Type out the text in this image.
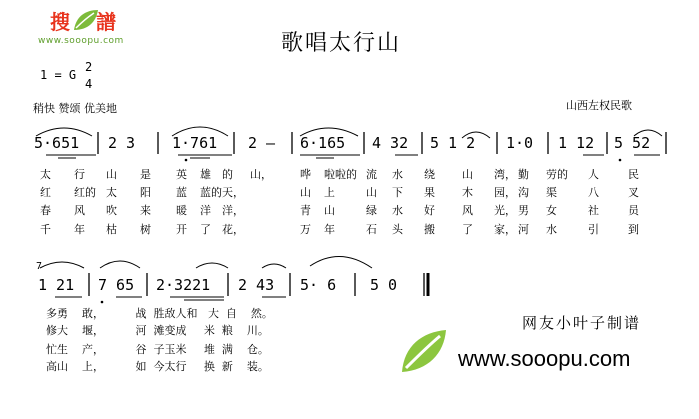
搜譜
www.sooopu.com	歌唱太行山
1 = G
2
4
稍快 赞颂 优美地	山西左权民歌
5·651 2 3 1·761 2 – 6·165 4 32 5 1 2 1·0 1 12 5 52
太 行 山 是 英 雄 的 山，	哗 啦啦的 流 水 绕 山 湾， 勤 劳的 人	民
红 红的 太 阳 蓝 蓝的 天，	山 上	山 下 果 木 园， 沟 渠	八	叉
春 风 吹 来 暖 洋 洋，	青 山	绿 水 好 风 光， 男 女	社	员
千 年 枯 树 开 了 花，	万 年	石 头 搬 了 家， 河 水	引	到
7
1 21 7 65 2·3221 2 43 5· 6 5 0
多勇    敢，         战  胜敌人和   大  自    然。
修大    堰，         河  滩变成     米  粮    川。
忙生    产，         谷  子玉米     堆  满    仓。
高山    上，         如  今太行     换  新    装。
网友小叶子制谱
www.sooopu.com
